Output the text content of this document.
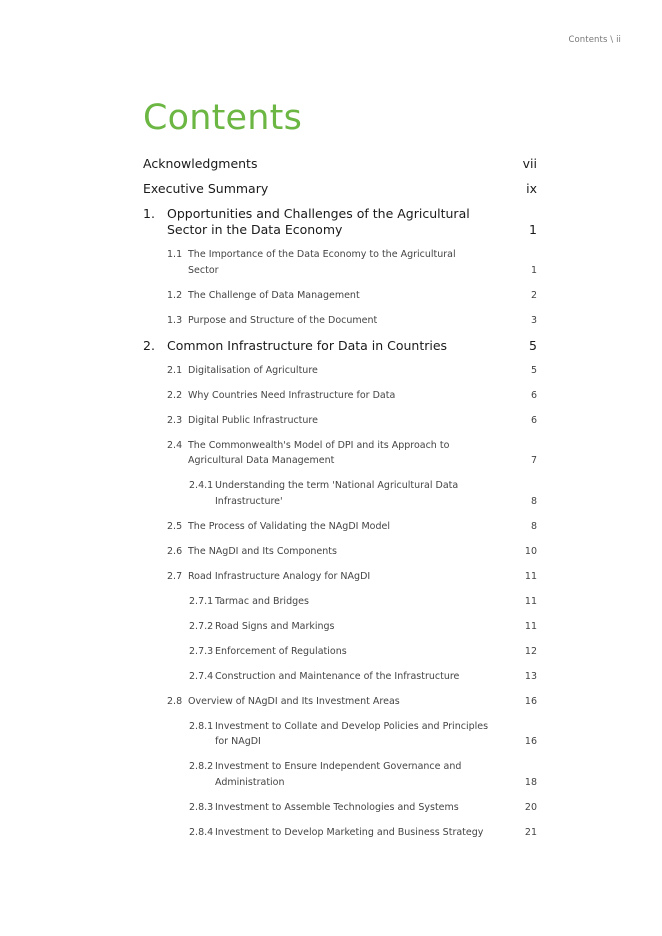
Contents \ ii
Contents
Acknowledgments	vii
Executive Summary	ix
1. Opportunities and Challenges of the Agricultural Sector in the Data Economy	1
1.1 The Importance of the Data Economy to the Agricultural Sector	1
1.2 The Challenge of Data Management	2
1.3 Purpose and Structure of the Document	3
2. Common Infrastructure for Data in Countries	5
2.1 Digitalisation of Agriculture	5
2.2 Why Countries Need Infrastructure for Data	6
2.3 Digital Public Infrastructure	6
2.4 The Commonwealth's Model of DPI and its Approach to Agricultural Data Management	7
2.4.1 Understanding the term 'National Agricultural Data Infrastructure'	8
2.5 The Process of Validating the NAgDI Model	8
2.6 The NAgDI and Its Components	10
2.7 Road Infrastructure Analogy for NAgDI	11
2.7.1 Tarmac and Bridges	11
2.7.2 Road Signs and Markings	11
2.7.3 Enforcement of Regulations	12
2.7.4 Construction and Maintenance of the Infrastructure	13
2.8 Overview of NAgDI and Its Investment Areas	16
2.8.1 Investment to Collate and Develop Policies and Principles for NAgDI	16
2.8.2 Investment to Ensure Independent Governance and Administration	18
2.8.3 Investment to Assemble Technologies and Systems	20
2.8.4 Investment to Develop Marketing and Business Strategy	21
